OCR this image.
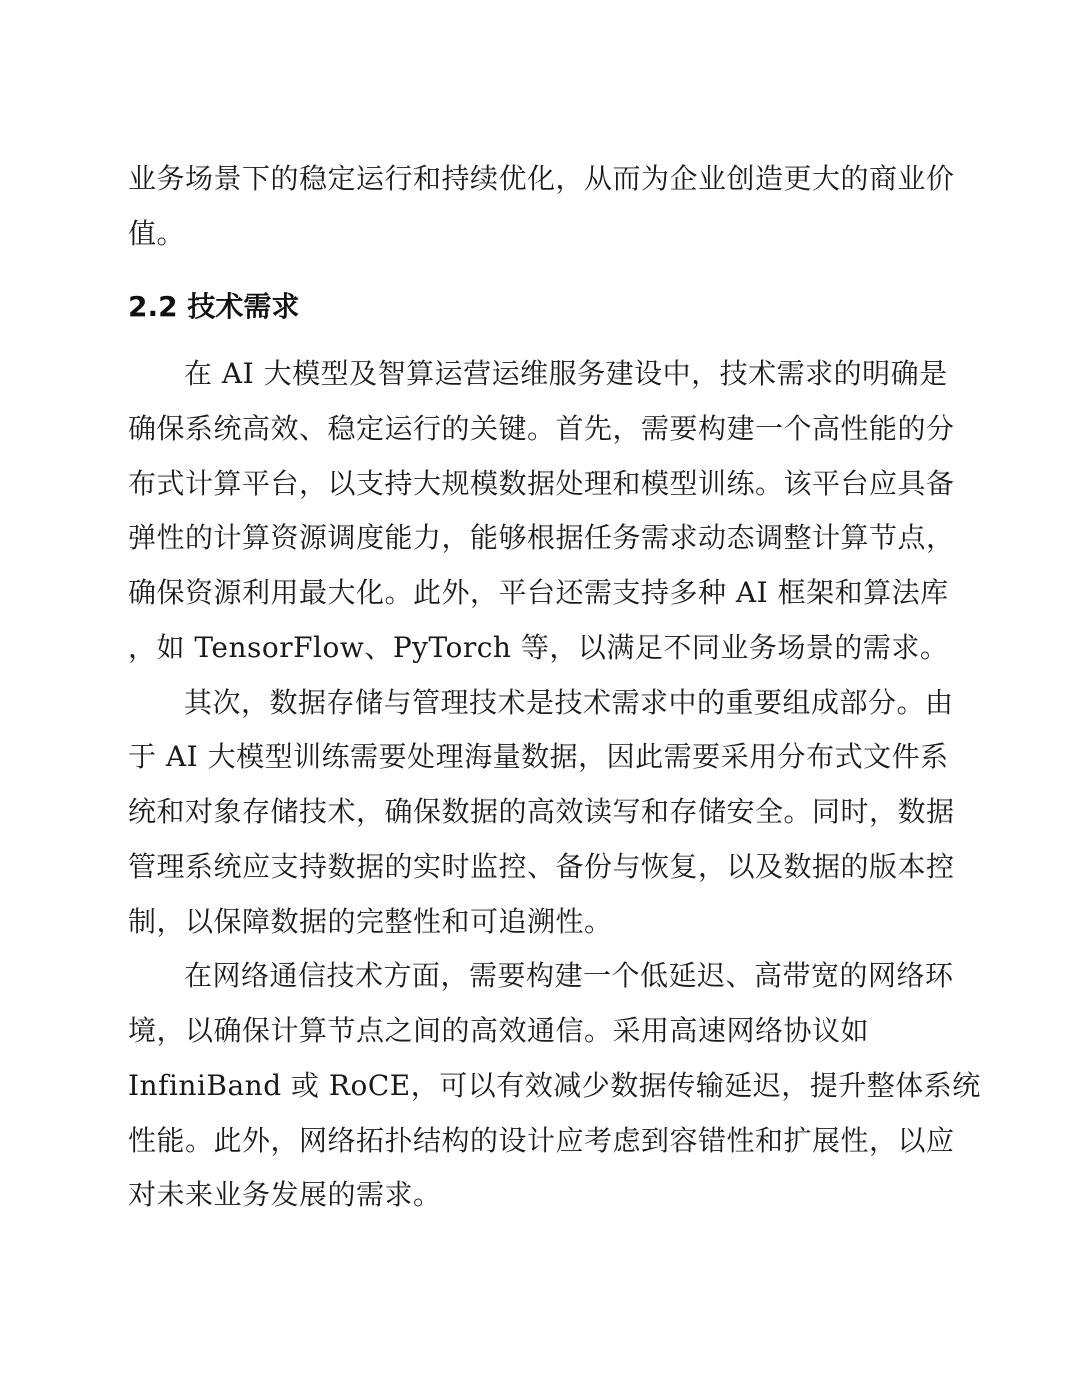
业务场景下的稳定运行和持续优化，从而为企业创造更大的商业价
值。
2.2 技术需求
在 AI 大模型及智算运营运维服务建设中，技术需求的明确是
确保系统高效、稳定运行的关键。首先，需要构建一个高性能的分
布式计算平台，以支持大规模数据处理和模型训练。该平台应具备
弹性的计算资源调度能力，能够根据任务需求动态调整计算节点，
确保资源利用最大化。此外，平台还需支持多种 AI 框架和算法库
，如 TensorFlow、PyTorch 等，以满足不同业务场景的需求。
其次，数据存储与管理技术是技术需求中的重要组成部分。由
于 AI 大模型训练需要处理海量数据，因此需要采用分布式文件系
统和对象存储技术，确保数据的高效读写和存储安全。同时，数据
管理系统应支持数据的实时监控、备份与恢复，以及数据的版本控
制，以保障数据的完整性和可追溯性。
在网络通信技术方面，需要构建一个低延迟、高带宽的网络环
境，以确保计算节点之间的高效通信。采用高速网络协议如
InfiniBand 或 RoCE，可以有效减少数据传输延迟，提升整体系统
性能。此外，网络拓扑结构的设计应考虑到容错性和扩展性，以应
对未来业务发展的需求。
